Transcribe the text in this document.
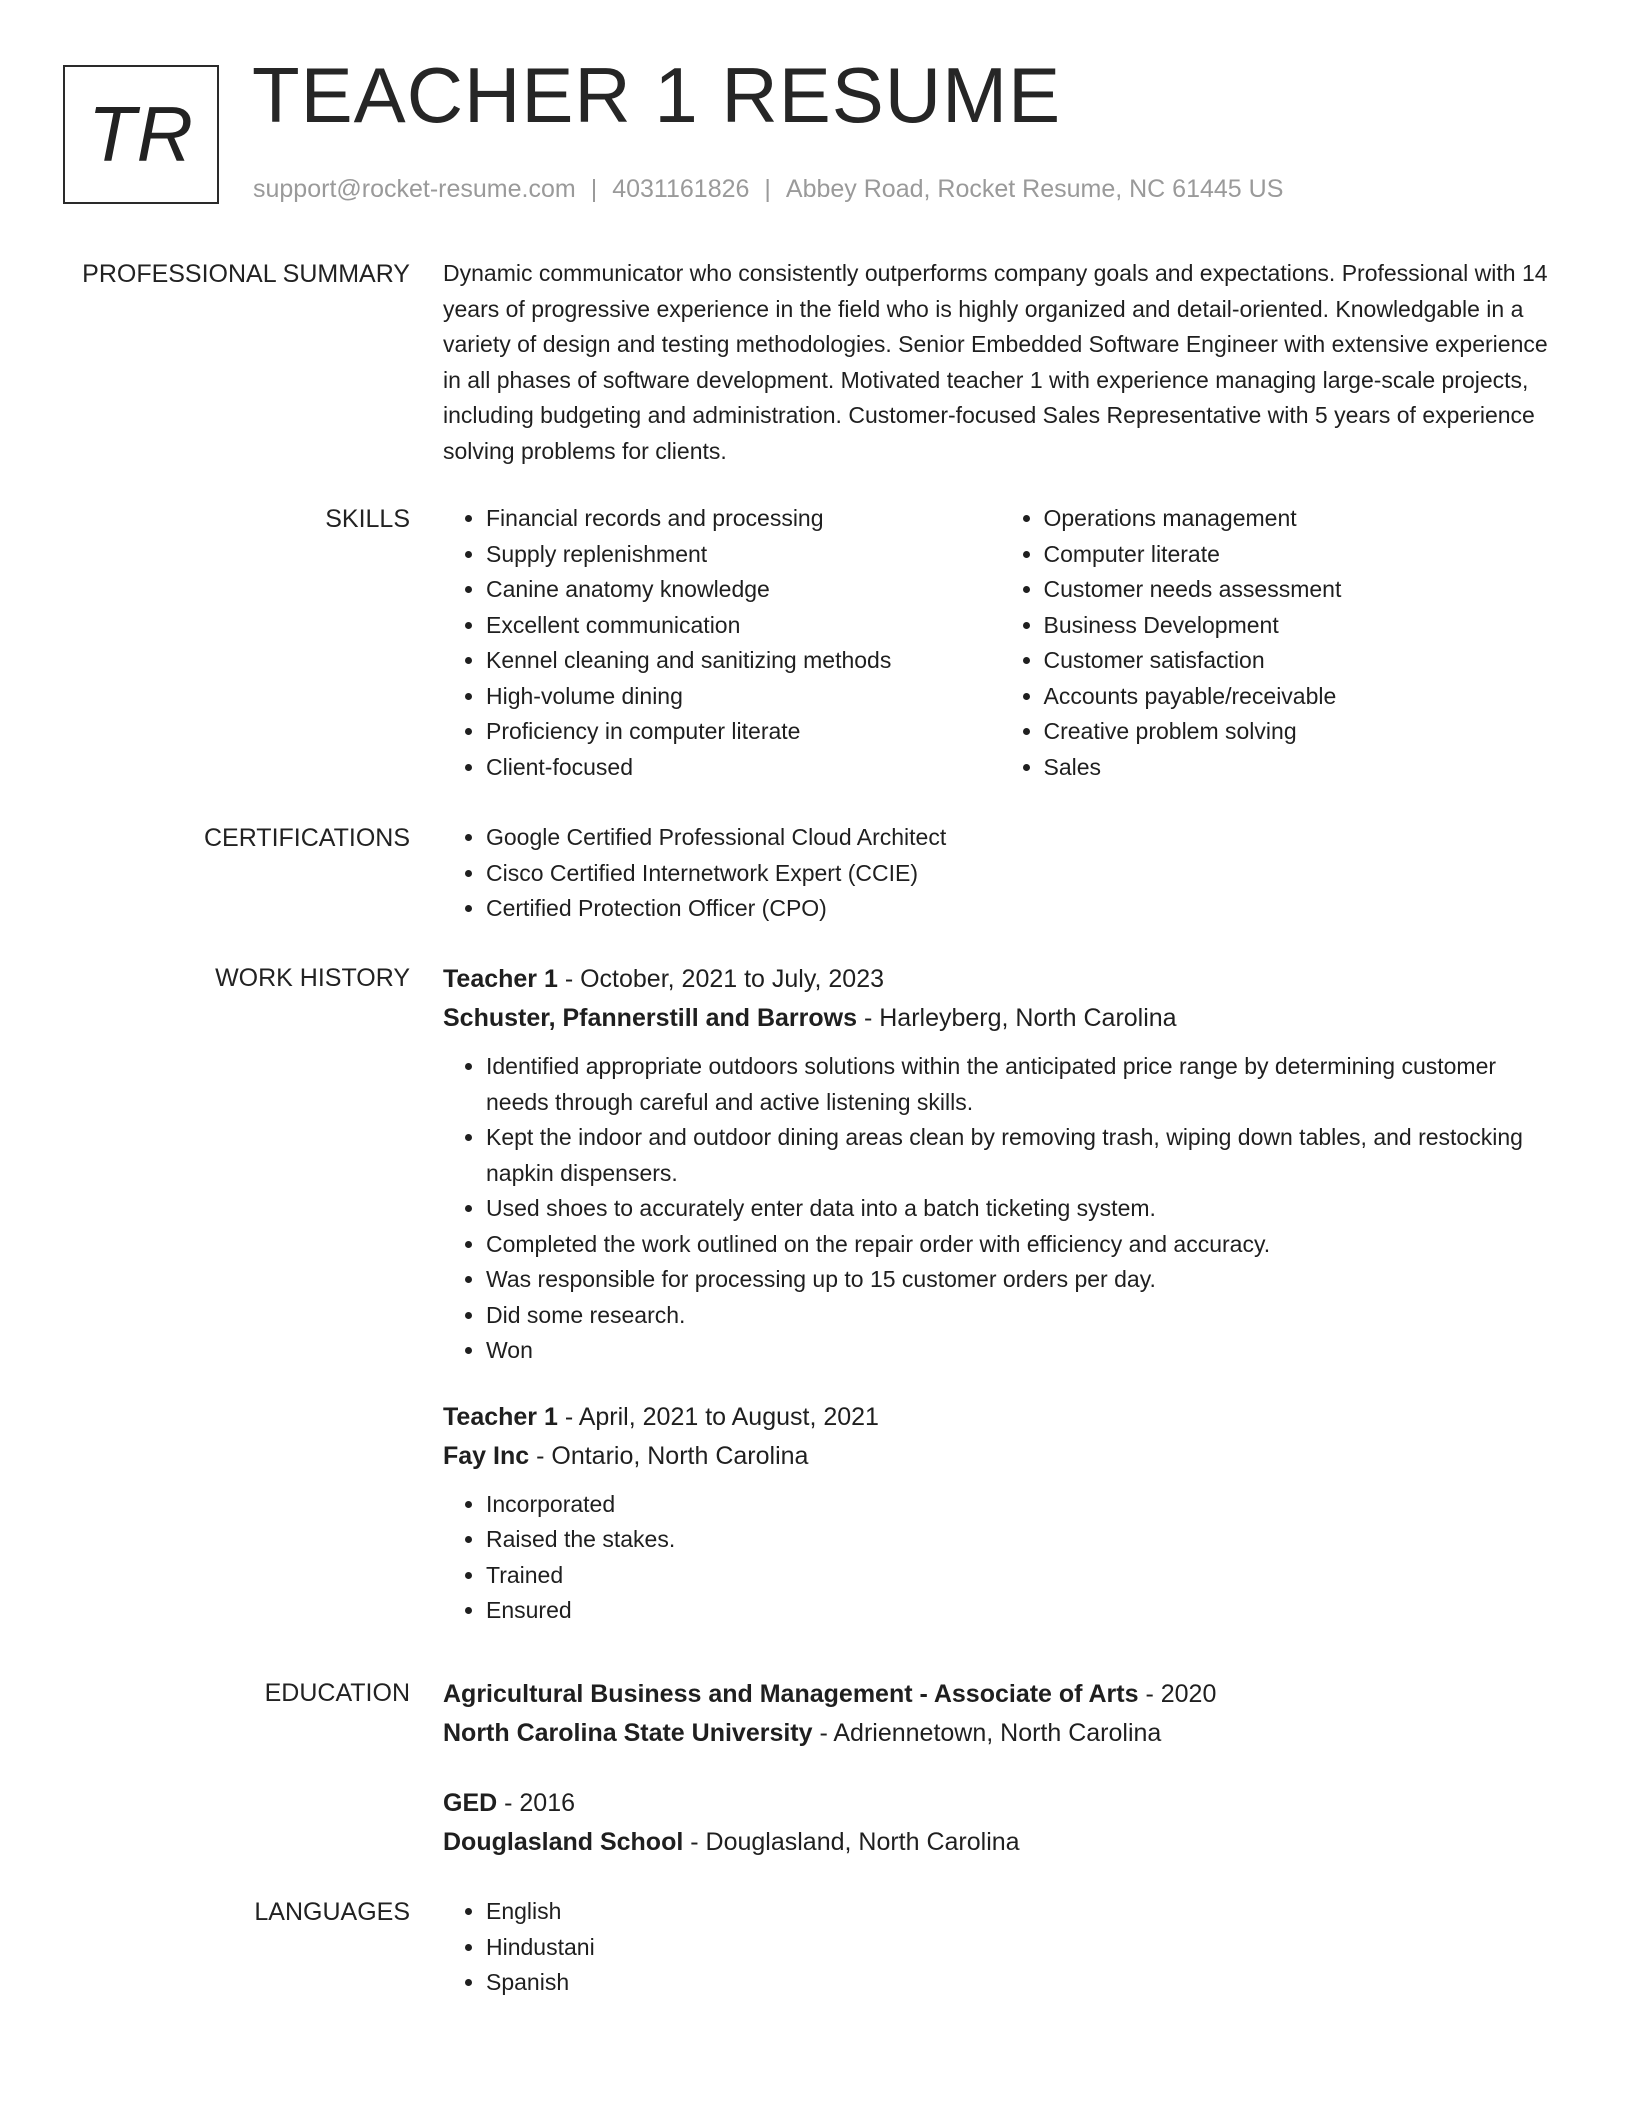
TR TEACHER 1 RESUME
support@rocket-resume.com | 4031161826 | Abbey Road, Rocket Resume, NC 61445 US
PROFESSIONAL SUMMARY Dynamic communicator who consistently outperforms company goals and expectations. Professional with 14 years of progressive experience in the field who is highly organized and detail-oriented. Knowledgable in a variety of design and testing methodologies. Senior Embedded Software Engineer with extensive experience in all phases of software development. Motivated teacher 1 with experience managing large-scale projects, including budgeting and administration. Customer-focused Sales Representative with 5 years of experience solving problems for clients.
SKILLS	• Financial records and processing
• Supply replenishment
• Canine anatomy knowledge
• Excellent communication
• Kennel cleaning and sanitizing methods
• High-volume dining
• Proficiency in computer literate
• Client-focused
• Operations management
• Computer literate
• Customer needs assessment
• Business Development
• Customer satisfaction
• Accounts payable/receivable
• Creative problem solving
• Sales
CERTIFICATIONS	• Google Certified Professional Cloud Architect
• Cisco Certified Internetwork Expert (CCIE)
• Certified Protection Officer (CPO)
WORK HISTORY Teacher 1 - October, 2021 to July, 2023
Schuster, Pfannerstill and Barrows - Harleyberg, North Carolina
• Identified appropriate outdoors solutions within the anticipated price range by determining customer needs through careful and active listening skills.
• Kept the indoor and outdoor dining areas clean by removing trash, wiping down tables, and restocking napkin dispensers.
• Used shoes to accurately enter data into a batch ticketing system.
• Completed the work outlined on the repair order with efficiency and accuracy.
• Was responsible for processing up to 15 customer orders per day.
• Did some research.
• Won
Teacher 1 - April, 2021 to August, 2021
Fay Inc - Ontario, North Carolina
• Incorporated
• Raised the stakes.
• Trained
• Ensured
EDUCATION Agricultural Business and Management - Associate of Arts - 2020
North Carolina State University - Adriennetown, North Carolina
GED - 2016
Douglasland School - Douglasland, North Carolina
LANGUAGES	• English
• Hindustani
• Spanish
